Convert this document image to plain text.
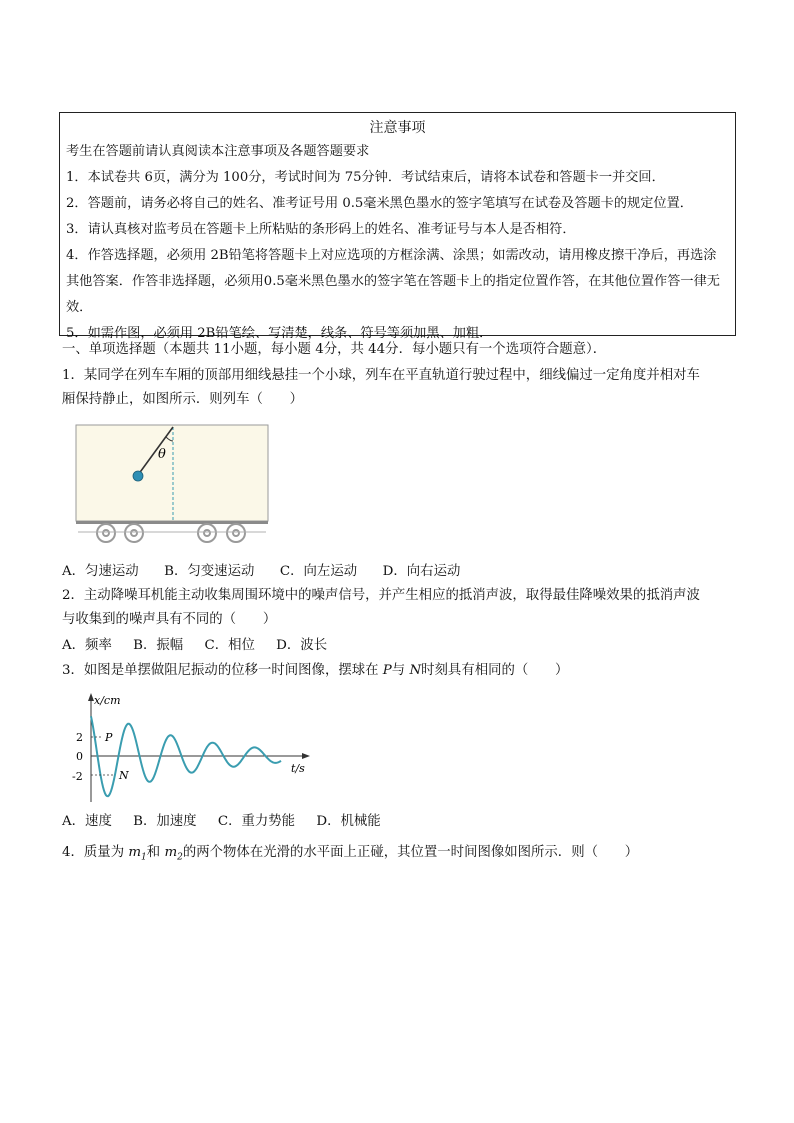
注意事项
考生在答题前请认真阅读本注意事项及各题答题要求
1．本试卷共 6页，满分为 100分，考试时间为 75分钟．考试结束后，请将本试卷和答题卡一并交回．
2．答题前，请务必将自己的姓名、准考证号用 0.5毫米黑色墨水的签字笔填写在试卷及答题卡的规定位置．
3．请认真核对监考员在答题卡上所粘贴的条形码上的姓名、准考证号与本人是否相符．
4．作答选择题，必须用 2B铅笔将答题卡上对应选项的方框涂满、涂黑；如需改动，请用橡皮擦干净后，再选涂其他答案．作答非选择题，必须用0.5毫米黑色墨水的签字笔在答题卡上的指定位置作答，在其他位置作答一律无效．
5．如需作图，必须用 2B铅笔绘、写清楚，线条、符号等须加黑、加粗．
一、单项选择题（本题共 11小题，每小题 4分，共 44分．每小题只有一个选项符合题意）．
1．某同学在列车车厢的顶部用细线悬挂一个小球，列车在平直轨道行驶过程中，细线偏过一定角度并相对车
厢保持静止，如图所示．则列车（　　）
θ
A．匀速运动 B．匀变速运动 C．向左运动 D．向右运动
2．主动降噪耳机能主动收集周围环境中的噪声信号，并产生相应的抵消声波，取得最佳降噪效果的抵消声波
与收集到的噪声具有不同的（　　）
A．频率 B．振幅 C．相位 D．波长
3．如图是单摆做阻尼振动的位移一时间图像，摆球在 P与 N时刻具有相同的（　　）
x/cm
t/s
2
0
-2
P
N
A．速度 B．加速度 C．重力势能 D．机械能
4．质量为 $m_1$和 $m_2$的两个物体在光滑的水平面上正碰，其位置一时间图像如图所示．则（　　）
